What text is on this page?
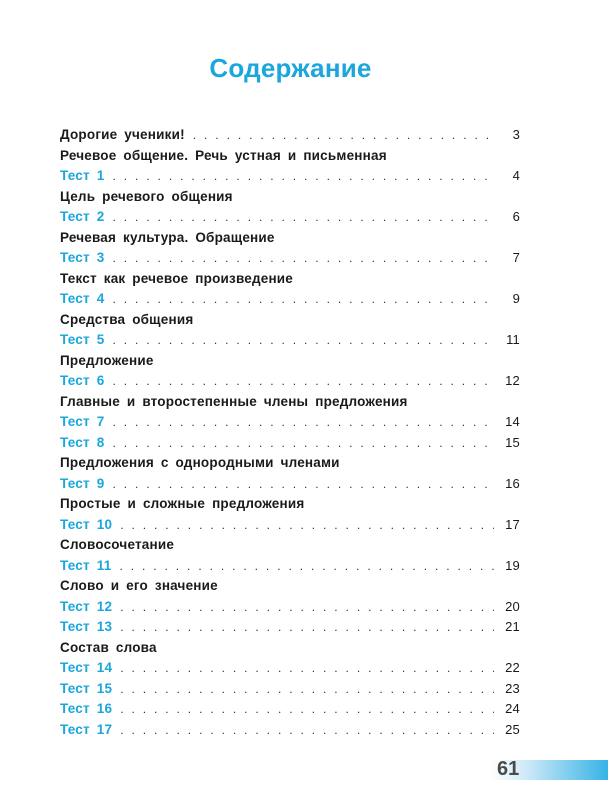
Содержание
Дорогие ученики! . . .	3
Речевое общение. Речь устная и письменная
Тест 1 . . .	4
Цель речевого общения
Тест 2 . . .	6
Речевая культура. Обращение
Тест 3 . . .	7
Текст как речевое произведение
Тест 4 . . .	9
Средства общения
Тест 5 . . .	11
Предложение
Тест 6 . . .	12
Главные и второстепенные члены предложения
Тест 7 . . .	14
Тест 8 . . .	15
Предложения с однородными членами
Тест 9 . . .	16
Простые и сложные предложения
Тест 10 . . .	17
Словосочетание
Тест 11 . . .	19
Слово и его значение
Тест 12 . . .	20
Тест 13 . . .	21
Состав слова
Тест 14 . . .	22
Тест 15 . . .	23
Тест 16 . . .	24
Тест 17 . . .	25
61
